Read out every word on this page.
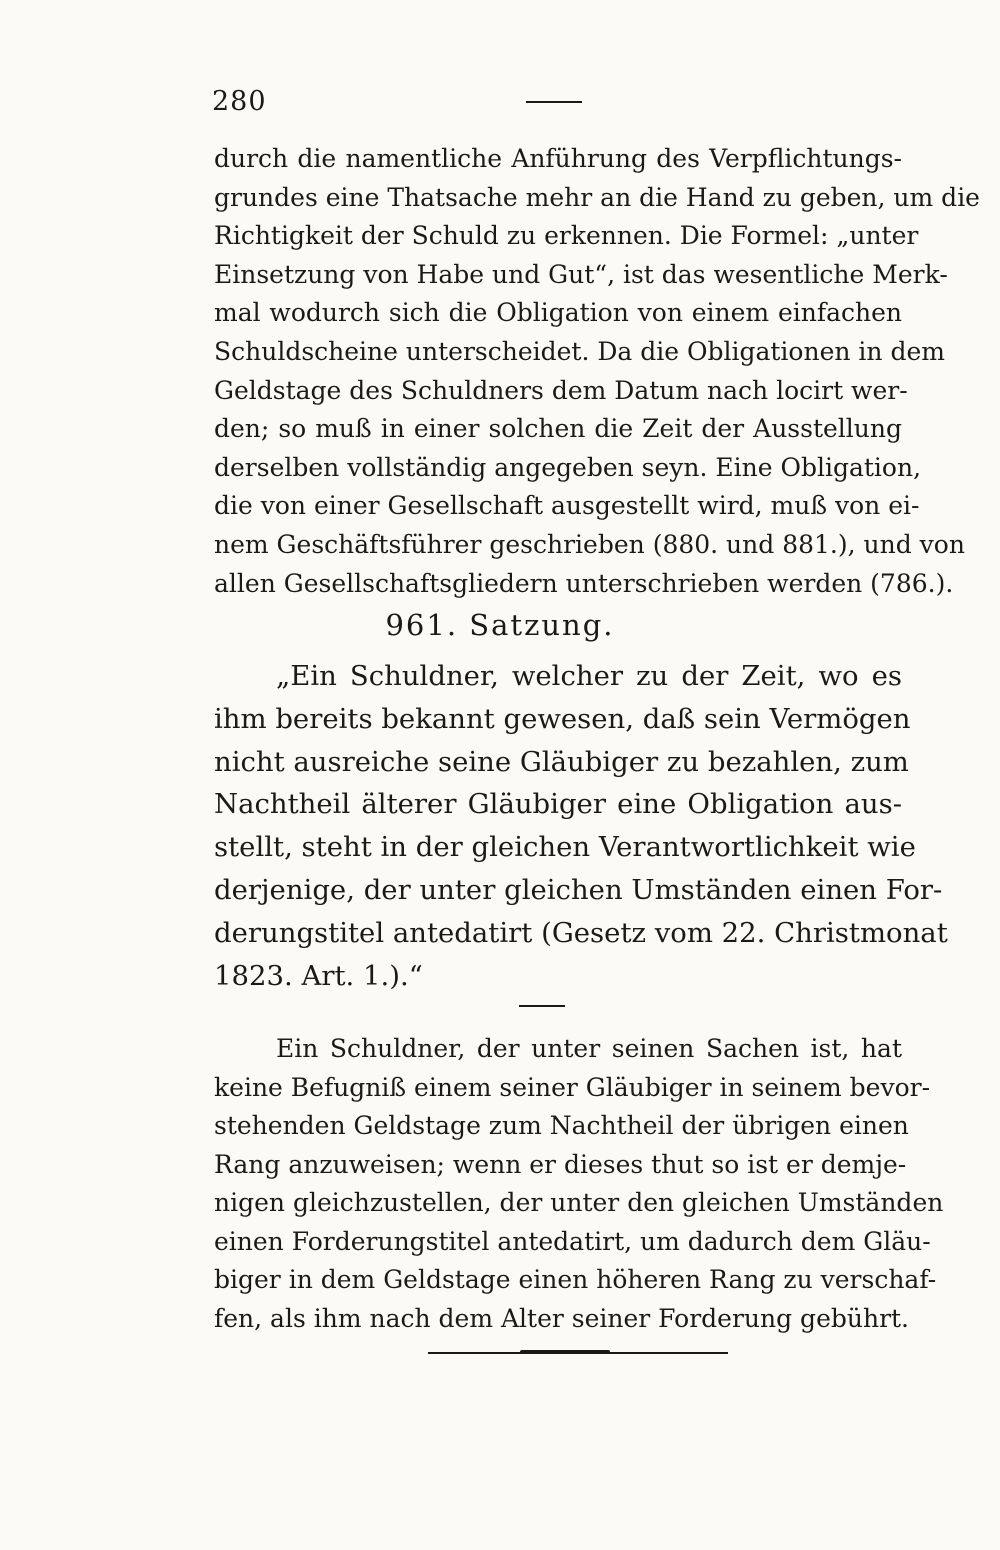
280
durch die namentliche Anführung des Verpflichtungs-
grundes eine Thatsache mehr an die Hand zu geben, um die
Richtigkeit der Schuld zu erkennen. Die Formel: „unter
Einsetzung von Habe und Gut“, ist das wesentliche Merk-
mal wodurch sich die Obligation von einem einfachen
Schuldscheine unterscheidet. Da die Obligationen in dem
Geldstage des Schuldners dem Datum nach locirt wer-
den; so muß in einer solchen die Zeit der Ausstellung
derselben vollständig angegeben seyn. Eine Obligation,
die von einer Gesellschaft ausgestellt wird, muß von ei-
nem Geschäftsführer geschrieben (880. und 881.), und von
allen Gesellschaftsgliedern unterschrieben werden (786.).
961. Satzung.
„Ein Schuldner, welcher zu der Zeit, wo es
ihm bereits bekannt gewesen, daß sein Vermögen
nicht ausreiche seine Gläubiger zu bezahlen, zum
Nachtheil älterer Gläubiger eine Obligation aus-
stellt, steht in der gleichen Verantwortlichkeit wie
derjenige, der unter gleichen Umständen einen For-
derungstitel antedatirt (Gesetz vom 22. Christmonat
1823. Art. 1.).“
Ein Schuldner, der unter seinen Sachen ist, hat
keine Befugniß einem seiner Gläubiger in seinem bevor-
stehenden Geldstage zum Nachtheil der übrigen einen
Rang anzuweisen; wenn er dieses thut so ist er demje-
nigen gleichzustellen, der unter den gleichen Umständen
einen Forderungstitel antedatirt, um dadurch dem Gläu-
biger in dem Geldstage einen höheren Rang zu verschaf-
fen, als ihm nach dem Alter seiner Forderung gebührt.
